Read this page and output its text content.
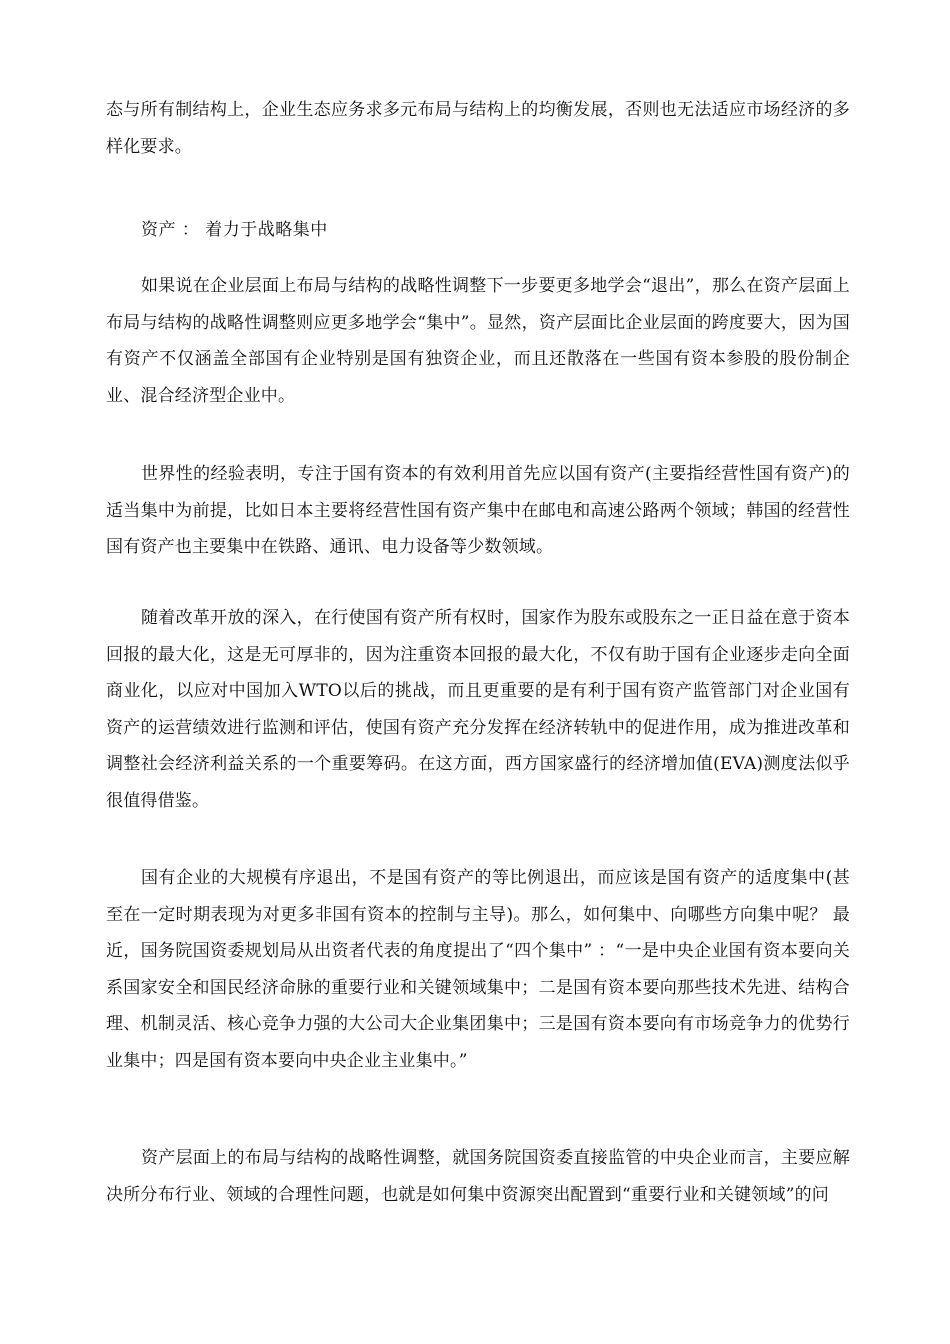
态与所有制结构上，企业生态应务求多元布局与结构上的均衡发展，否则也无法适应市场经济的多样化要求。

资产 ： 着力于战略集中

如果说在企业层面上布局与结构的战略性调整下一步要更多地学会“退出”，那么在资产层面上布局与结构的战略性调整则应更多地学会“集中”。显然，资产层面比企业层面的跨度要大，因为国有资产不仅涵盖全部国有企业特别是国有独资企业，而且还散落在一些国有资本参股的股份制企业、混合经济型企业中。

世界性的经验表明，专注于国有资本的有效利用首先应以国有资产(主要指经营性国有资产)的适当集中为前提，比如日本主要将经营性国有资产集中在邮电和高速公路两个领域；韩国的经营性国有资产也主要集中在铁路、通讯、电力设备等少数领域。

随着改革开放的深入，在行使国有资产所有权时，国家作为股东或股东之一正日益在意于资本回报的最大化，这是无可厚非的，因为注重资本回报的最大化，不仅有助于国有企业逐步走向全面商业化，以应对中国加入WTO以后的挑战，而且更重要的是有利于国有资产监管部门对企业国有资产的运营绩效进行监测和评估，使国有资产充分发挥在经济转轨中的促进作用，成为推进改革和调整社会经济利益关系的一个重要筹码。在这方面，西方国家盛行的经济增加值(EVA)测度法似乎很值得借鉴。

国有企业的大规模有序退出，不是国有资产的等比例退出，而应该是国有资产的适度集中(甚至在一定时期表现为对更多非国有资本的控制与主导)。那么，如何集中、向哪些方向集中呢？ 最近，国务院国资委规划局从出资者代表的角度提出了“四个集中” ：“一是中央企业国有资本要向关系国家安全和国民经济命脉的重要行业和关键领域集中；二是国有资本要向那些技术先进、结构合理、机制灵活、核心竞争力强的大公司大企业集团集中；三是国有资本要向有市场竞争力的优势行业集中；四是国有资本要向中央企业主业集中。”

资产层面上的布局与结构的战略性调整，就国务院国资委直接监管的中央企业而言，主要应解决所分布行业、领域的合理性问题，也就是如何集中资源突出配置到“重要行业和关键领域”的问
